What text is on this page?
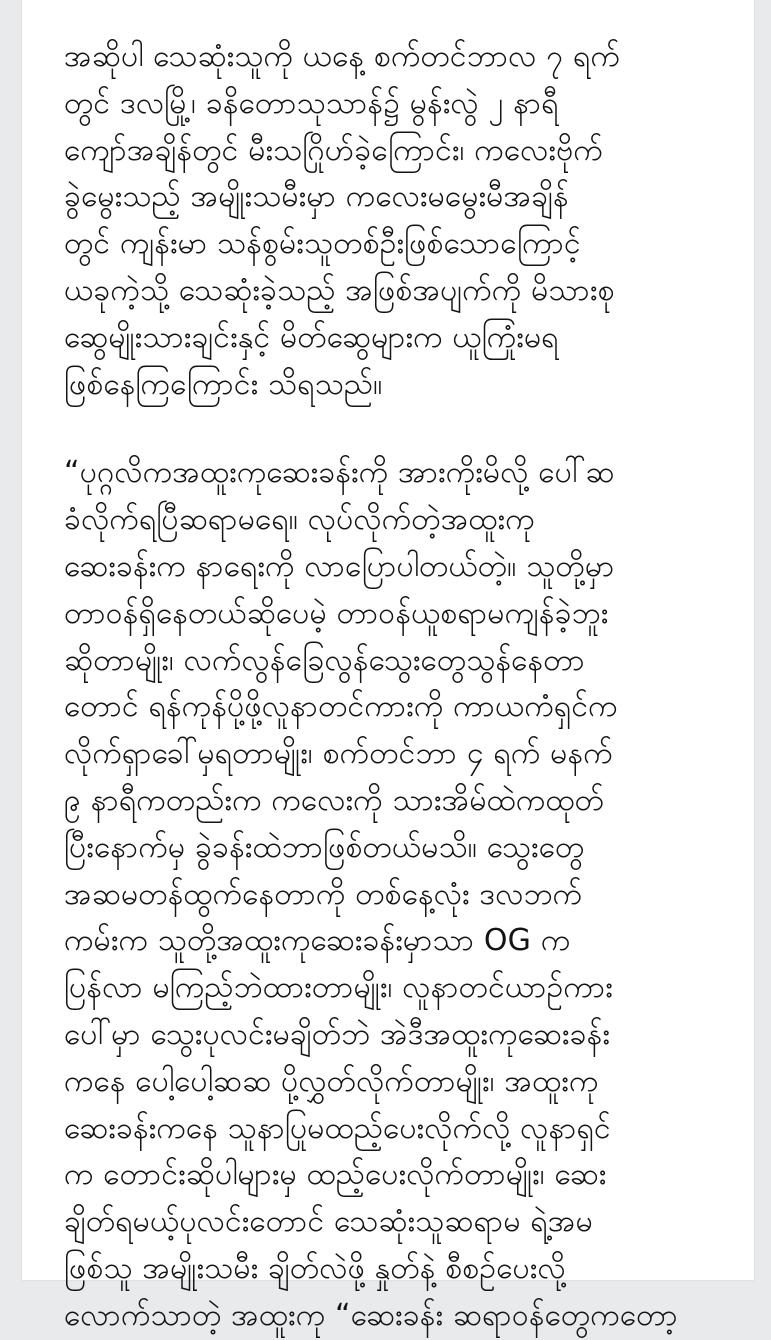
အဆိုပါ သေဆုံးသူကို ယနေ့ စက်တင်ဘာလ ၇ ရက်
တွင် ဒလမြို့၊ ခနိတောသုသာန်၌ မွန်းလွဲ ၂ နာရီ
ကျော်အချိန်တွင် မီးသဂြိုဟ်ခဲ့ကြောင်း၊ ကလေးဗိုက်
ခွဲမွေးသည့် အမျိုးသမီးမှာ ကလေးမမွေးမီအချိန်
တွင် ကျန်းမာ သန်စွမ်းသူတစ်ဦးဖြစ်သောကြောင့်
ယခုကဲ့သို့ သေဆုံးခဲ့သည့် အဖြစ်အပျက်ကို မိသားစု
ဆွေမျိုးသားချင်းနှင့် မိတ်ဆွေများက ယူကြုံးမရ
ဖြစ်နေကြကြောင်း သိရသည်။

“ပုဂ္ဂလိကအထူးကုဆေးခန်းကို အားကိုးမိလို့ ပေါ်ဆ
ခံလိုက်ရပြီဆရာမရေ။ လုပ်လိုက်တဲ့အထူးကု
ဆေးခန်းက နာရေးကို လာပြောပါတယ်တဲ့။ သူတို့မှာ
တာဝန်ရှိနေတယ်ဆိုပေမဲ့ တာဝန်ယူစရာမကျန်ခဲ့ဘူး
ဆိုတာမျိုး၊ လက်လွန်ခြေလွန်သွေးတွေသွန်နေတာ
တောင် ရန်ကုန်ပို့ဖို့လူနာတင်ကားကို ကာယကံရှင်က
လိုက်ရှာခေါ်မှရတာမျိုး၊ စက်တင်ဘာ ၄ ရက် မနက်
၉ နာရီကတည်းက ကလေးကို သားအိမ်ထဲကထုတ်
ပြီးနောက်မှ ခွဲခန်းထဲဘာဖြစ်တယ်မသိ။ သွေးတွေ
အဆမတန်ထွက်နေတာကို တစ်နေ့လုံး ဒလဘက်
ကမ်းက သူတို့အထူးကုဆေးခန်းမှာသာ OG က
ပြန်လာ မကြည့်ဘဲထားတာမျိုး၊ လူနာတင်ယာဉ်ကား
ပေါ်မှာ သွေးပုလင်းမချိတ်ဘဲ အဲဒီအထူးကုဆေးခန်း
ကနေ ပေါ့ပေါ့ဆဆ ပို့လွှတ်လိုက်တာမျိုး၊ အထူးကု
ဆေးခန်းကနေ သူနာပြုမထည့်ပေးလိုက်လို့ လူနာရှင်
က တောင်းဆိုပါများမှ ထည့်ပေးလိုက်တာမျိုး၊ ဆေး
ချိတ်ရမယ့်ပုလင်းတောင် သေဆုံးသူဆရာမ ရဲ့အမ
ဖြစ်သူ အမျိုးသမီး ချိတ်လဲဖို့ နှုတ်နဲ့ စီစဉ်ပေးလို့
လောက်သာတဲ့ အထူးကု “ဆေးခန်း ဆရာဝန်တွေကတော့
